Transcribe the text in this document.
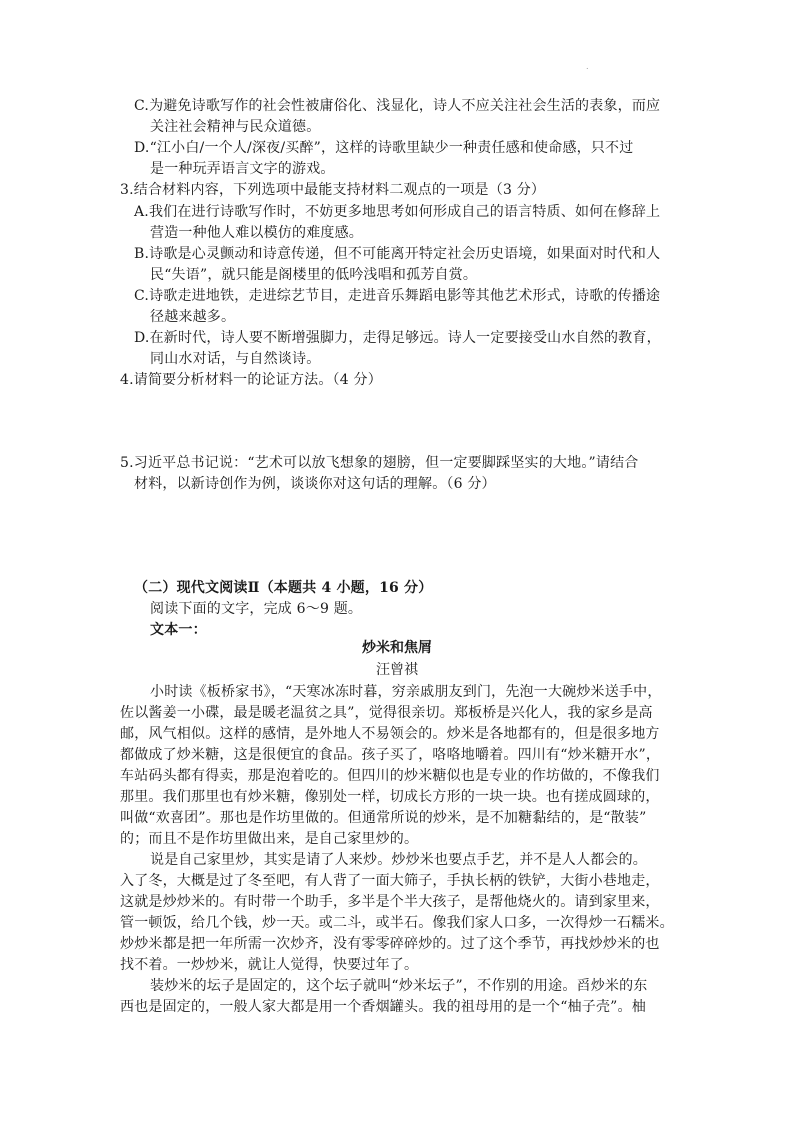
.
C.为避免诗歌写作的社会性被庸俗化、浅显化，诗人不应关注社会生活的表象，而应
关注社会精神与民众道德。
D.“江小白/一个人/深夜/买醉”，这样的诗歌里缺少一种责任感和使命感，只不过
是一种玩弄语言文字的游戏。
3.结合材料内容，下列选项中最能支持材料二观点的一项是（3 分）
A.我们在进行诗歌写作时，不妨更多地思考如何形成自己的语言特质、如何在修辞上
营造一种他人难以模仿的难度感。
B.诗歌是心灵颤动和诗意传递，但不可能离开特定社会历史语境，如果面对时代和人
民“失语”，就只能是阁楼里的低吟浅唱和孤芳自赏。
C.诗歌走进地铁，走进综艺节目，走进音乐舞蹈电影等其他艺术形式，诗歌的传播途
径越来越多。
D.在新时代，诗人要不断增强脚力，走得足够远。诗人一定要接受山水自然的教育，
同山水对话，与自然谈诗。
4.请简要分析材料一的论证方法。（4 分）
5.习近平总书记说：“艺术可以放飞想象的翅膀，但一定要脚踩坚实的大地。”请结合
材料，以新诗创作为例，谈谈你对这句话的理解。（6 分）
（二）现代文阅读Ⅱ（本题共 4 小题，16 分）
阅读下面的文字，完成 6～9 题。
文本一：
炒米和焦屑
汪曾祺
小时读《板桥家书》，“天寒冰冻时暮，穷亲戚朋友到门，先泡一大碗炒米送手中，
佐以酱姜一小碟，最是暖老温贫之具”，觉得很亲切。郑板桥是兴化人，我的家乡是高
邮，风气相似。这样的感情，是外地人不易领会的。炒米是各地都有的，但是很多地方
都做成了炒米糖，这是很便宜的食品。孩子买了，咯咯地嚼着。四川有“炒米糖开水”，
车站码头都有得卖，那是泡着吃的。但四川的炒米糖似也是专业的作坊做的，不像我们
那里。我们那里也有炒米糖，像别处一样，切成长方形的一块一块。也有搓成圆球的，
叫做“欢喜团”。那也是作坊里做的。但通常所说的炒米，是不加糖黏结的，是“散装”
的；而且不是作坊里做出来，是自己家里炒的。
说是自己家里炒，其实是请了人来炒。炒炒米也要点手艺，并不是人人都会的。
入了冬，大概是过了冬至吧，有人背了一面大筛子，手执长柄的铁铲，大街小巷地走，
这就是炒炒米的。有时带一个助手，多半是个半大孩子，是帮他烧火的。请到家里来，
管一顿饭，给几个钱，炒一天。或二斗，或半石。像我们家人口多，一次得炒一石糯米。
炒炒米都是把一年所需一次炒齐，没有零零碎碎炒的。过了这个季节，再找炒炒米的也
找不着。一炒炒米，就让人觉得，快要过年了。
装炒米的坛子是固定的，这个坛子就叫“炒米坛子”，不作别的用途。舀炒米的东
西也是固定的，一般人家大都是用一个香烟罐头。我的祖母用的是一个“柚子壳”。柚
